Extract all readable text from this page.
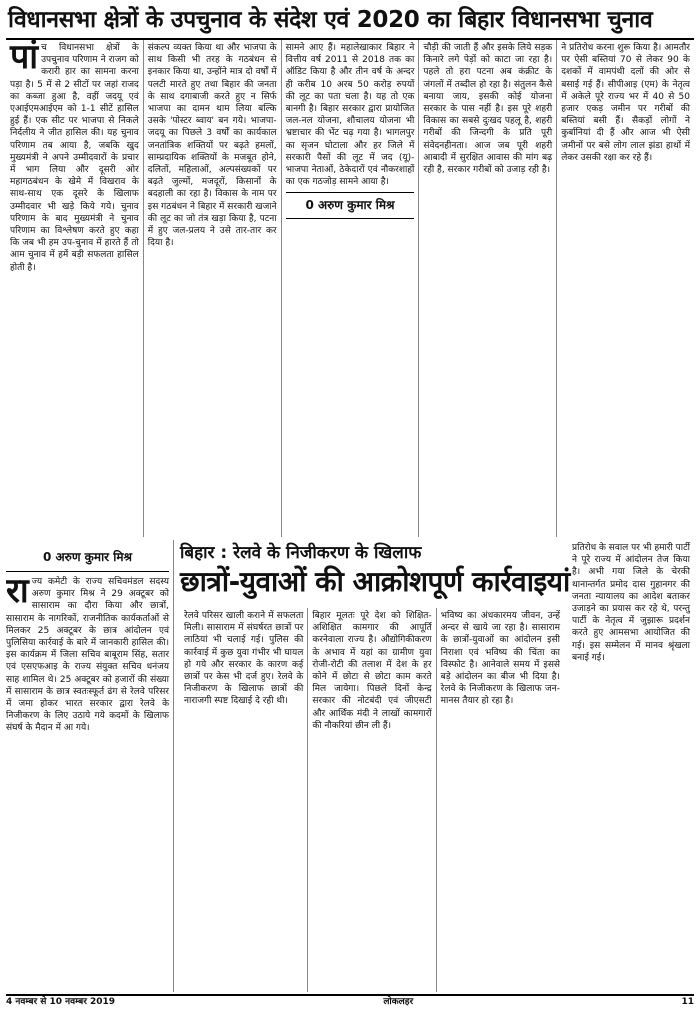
विधानसभा क्षेत्रों के उपचुनाव के संदेश एवं 2020 का बिहार विधानसभा चुनाव
पां च विधानसभा क्षेत्रों के उपचुनाव परिणाम ने राजग को करारी हार का सामना करना पड़ा है। 5 में से 2 सीटों पर जहां राजद का कब्जा हुआ है, वहीं जदयू एवं एआईएमआईएम को 1-1 सीटें हासिल हुई हैं। एक सीट पर भाजपा से निकले निर्दलीय ने जीत हासिल की। यह चुनाव परिणाम तब आया है, जबकि खुद मुख्यमंत्री ने अपने उम्मीदवारों के प्रचार में भाग लिया और दूसरी ओर महागठबंधन के खेमे में विखराव के साथ-साथ एक दूसरे के खिलाफ उम्मीदवार भी खड़े किये गये। चुनाव परिणाम के बाद मुख्यमंत्री ने चुनाव परिणाम का विश्लेषण करते हुए कहा कि जब भी हम उप-चुनाव में हारते हैं तो आम चुनाव में हमें बड़ी सफलता हासिल होती है।
संकल्प व्यक्त किया था और भाजपा के साथ किसी भी तरह के गठबंधन से इनकार किया था, उन्होंने मात्र दो वर्षों में पलटी मारते हुए तथा बिहार की जनता के साथ दगाबाजी करते हुए न सिर्फ भाजपा का दामन थाम लिया बल्कि उसके 'पोस्टर ब्वाय' बन गये। भाजपा-जदयू का पिछले 3 वर्षों का कार्यकाल जनतांत्रिक शक्तियों पर बढ़ते हमलों, साम्प्रदायिक शक्तियों के मजबूत होने, दलितों, महिलाओं, अल्पसंख्यकों पर बढ़ते जुल्मों, मजदूरों, किसानों के बदहाली का रहा है। विकास के नाम पर इस गठबंधन ने बिहार में सरकारी खजाने की लूट का जो तंत्र खड़ा किया है, पटना में हुए जल-प्रलय ने उसे तार-तार कर दिया है।
सामने आए हैं। महालेखाकार बिहार ने वित्तीय वर्ष 2011 से 2018 तक का ऑडिट किया है और तीन वर्ष के अन्दर ही करीब 10 अरब 50 करोड़ रुपयों की लूट का पता चला है। यह तो एक बानगी है। बिहार सरकार द्वारा प्रायोजित जल-नल योजना, शौचालय योजना भी भ्रष्टाचार की भेंट चढ़ गया है। भागलपुर का सृजन घोटाला और हर जिले में सरकारी पैसों की लूट में जद (यू)-भाजपा नेताओं, ठेकेदारों एवं नौकरशाहों का एक गठजोड़ सामने आया है।
0 अरुण कुमार मिश्र
चौड़ी की जाती हैं और इसके लिये सड़क किनारे लगे पेड़ों को काटा जा रहा है। पहले तो हरा पटना अब कंक्रीट के जंगलों में तब्दील हो रहा है। संतुलन कैसे बनाया जाय, इसकी कोई योजना सरकार के पास नहीं है। इस पूरे शहरी विकास का सबसे दुःखद पहलू है, शहरी गरीबों की जिन्दगी के प्रति पूरी संवेदनहीनता। आज जब पूरी शहरी आबादी में सुरक्षित आवास की मांग बढ़ रही है, सरकार गरीबों को उजाड़ रही है।
ने प्रतिरोध करना शुरू किया है। आमतौर पर ऐसी बस्तियां 70 से लेकर 90 के दशकों में वामपंथी दलों की ओर से बसाई गई हैं। सीपीआइ (एम) के नेतृत्व में अकेले पूरे राज्य भर में 40 से 50 हजार एकड़ जमीन पर गरीबों की बस्तियां बसी हैं। सैकड़ों लोगों ने कुर्बानियां दी हैं और आज भी ऐसी जमीनों पर बसे लोग लाल झंडा हाथों में लेकर उसकी रक्षा कर रहे हैं।
0 अरुण कुमार मिश्र

रा ज्य कमेटी के राज्य सचिवमंडल सदस्य अरुण कुमार मिश्र ने 29 अक्टूबर को सासाराम का दौरा किया और छात्रों, सासाराम के नागरिकों, राजनीतिक कार्यकर्ताओं से मिलकर 25 अक्टूबर के छात्र आंदोलन एवं पुलिसिया कार्रवाई के बारे में जानकारी हासिल की। इस कार्यक्रम में जिला सचिव बाबूराम सिंह, सतार एवं एसएफआइ के राज्य संयुक्त सचिव धनंजय साह शामिल थे। 25 अक्टूबर को हजारों की संख्या में सासाराम के छात्र स्वतःस्फूर्त ढंग से रेलवे परिसर में जमा होकर भारत सरकार द्वारा रेलवे के निजीकरण के लिए उठाये गये कदमों के खिलाफ संघर्ष के मैदान में आ गये।

बिहार : रेलवे के निजीकरण के खिलाफ
छात्रों-युवाओं की आक्रोशपूर्ण कार्रवाइयां
रेलवे परिसर खाली कराने में सफलता मिली। सासाराम में संघर्षरत छात्रों पर लाठियां भी चलाई गई। पुलिस की कार्रवाई में कुछ युवा गंभीर भी घायल हो गये और सरकार के कारण कई छात्रों पर केस भी दर्ज हुए। रेलवे के निजीकरण के खिलाफ छात्रों की नाराजगी स्पष्ट दिखाई दे रही थी।
बिहार मूलतः पूरे देश को शिक्षित-अशिक्षित कामगार की आपूर्ति करनेवाला राज्य है। औद्योगिकीकरण के अभाव में यहां का ग्रामीण युवा रोजी-रोटी की तलाश में देश के हर कोने में छोटा से छोटा काम करते मिल जायेगा। पिछले दिनों केन्द्र सरकार की नोटबंदी एवं जीएसटी और आर्थिक मंदी ने लाखों कामगारों की नौकरियां छीन ली हैं।
भविष्य का अंधकारमय जीवन, उन्हें अन्दर से खाये जा रहा है। सासाराम के छात्रों-युवाओं का आंदोलन इसी निराशा एवं भविष्य की चिंता का विस्फोट है। आनेवाले समय में इससे बड़े आंदोलन का बीज भी दिया है। रेलवे के निजीकरण के खिलाफ जन-मानस तैयार हो रहा है।
प्रतिरोध के सवाल पर भी हमारी पार्टी ने पूरे राज्य में आंदोलन तेज किया है। अभी गया जिले के चेरकी थानान्तर्गत प्रमोद दास गुहानगर की जनता न्यायालय का आदेश बताकर उजाड़ने का प्रयास कर रहे थे, परन्तु पार्टी के नेतृत्व में जुझारू प्रदर्शन करते हुए आमसभा आयोजित की गई। इस सम्मेलन में मानव श्रृंखला बनाई गई।
4 नवम्बर से 10 नवम्बर 2019	लोकलहर	11
